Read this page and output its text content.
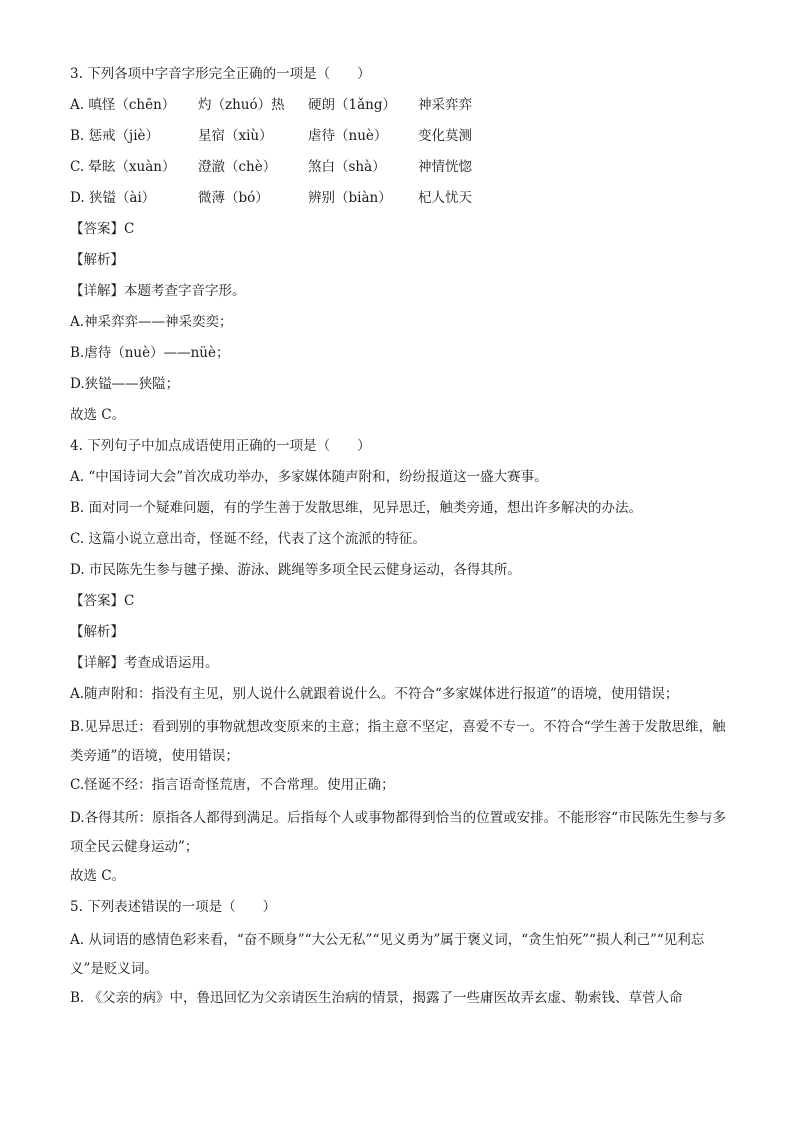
3. 下列各项中字音字形完全正确的一项是（　　）
A. 嗔怪（chēn） 灼（zhuó）热 硬朗（1ǎng） 神采弈弈
B. 惩戒（jiè）	星宿（xiù）	虐待（nuè） 变化莫测
C. 晕眩（xuàn） 澄澈（chè） 煞白（shà） 神情恍惚
D. 狭镒（ài）	微薄（bó）	辨别（biàn） 杞人忧天
【答案】C
【解析】
【详解】本题考查字音字形。
A.神采弈弈——神采奕奕；
B.虐待（nuè）——nüè；
D.狭镒——狭隘；
故选 C。
4. 下列句子中加点成语使用正确的一项是（　　）
A. “中国诗词大会”首次成功举办，多家媒体随声附和，纷纷报道这一盛大赛事。
B. 面对同一个疑难问题，有的学生善于发散思维，见异思迁，触类旁通，想出许多解决的办法。
C. 这篇小说立意出奇，怪诞不经，代表了这个流派的特征。
D. 市民陈先生参与毽子操、游泳、跳绳等多项全民云健身运动，各得其所。
【答案】C
【解析】
【详解】考查成语运用。
A.随声附和：指没有主见，别人说什么就跟着说什么。不符合“多家媒体进行报道”的语境，使用错误；
B.见异思迁：看到别的事物就想改变原来的主意；指主意不坚定，喜爱不专一。不符合“学生善于发散思维，触类旁通”的语境，使用错误；
C.怪诞不经：指言语奇怪荒唐，不合常理。使用正确；
D.各得其所：原指各人都得到满足。后指每个人或事物都得到恰当的位置或安排。不能形容“市民陈先生参与多项全民云健身运动”；
故选 C。
5. 下列表述错误的一项是（　　）
A. 从词语的感情色彩来看，“奋不顾身”“大公无私”“见义勇为”属于褒义词，“贪生怕死”“损人利己”“见利忘义”是贬义词。
B. 《父亲的病》中，鲁迅回忆为父亲请医生治病的情景，揭露了一些庸医故弄玄虚、勒索钱、草菅人命
